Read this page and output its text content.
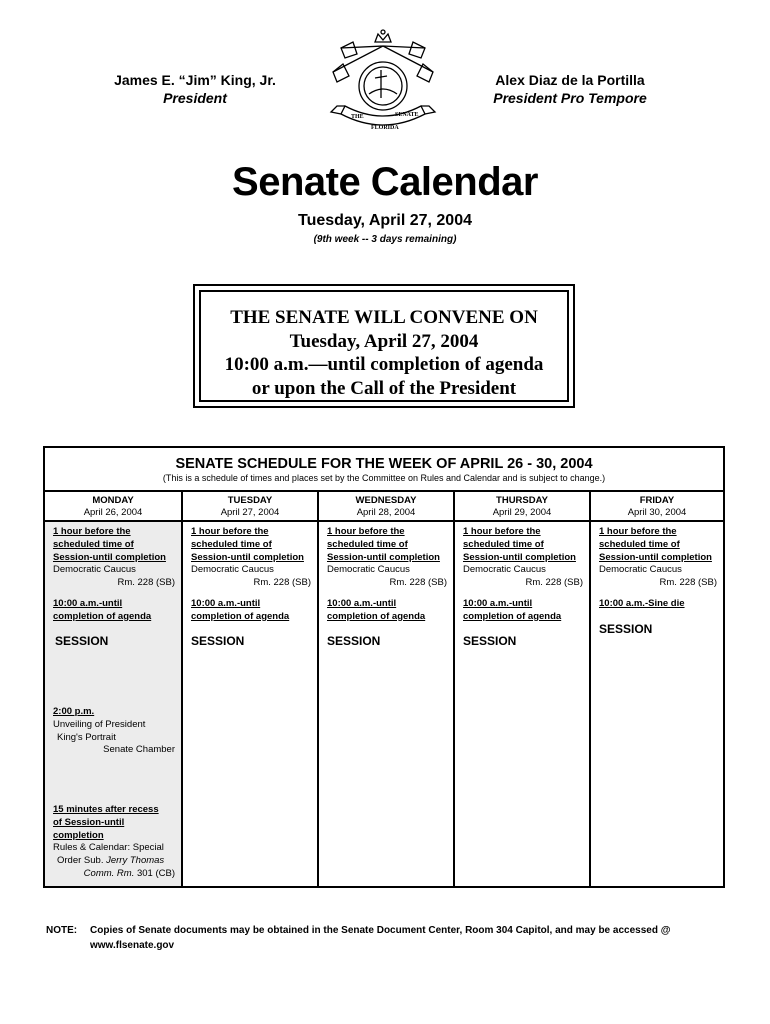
James E. “Jim” King, Jr.
President
Alex Diaz de la Portilla
President Pro Tempore
THE	SENATE
FLORIDA
Senate Calendar
Tuesday, April 27, 2004
(9th week -- 3 days remaining)
THE SENATE WILL CONVENE ON
Tuesday, April 27, 2004
10:00 a.m.—until completion of agenda
or upon the Call of the President
SENATE SCHEDULE FOR THE WEEK OF APRIL 26 - 30, 2004
(This is a schedule of times and places set by the Committee on Rules and Calendar and is subject to change.)
MONDAY
April 26, 2004
1 hour before the
scheduled time of
Session-until completion
Democratic Caucus
Rm. 228 (SB)
10:00 a.m.-until
completion of agenda
SESSION
2:00 p.m.
Unveiling of President
King's Portrait
Senate Chamber
15 minutes after recess
of Session-until
completion
Rules & Calendar: Special
Order Sub. Jerry Thomas
Comm. Rm. 301 (CB)
TUESDAY
April 27, 2004
1 hour before the
scheduled time of
Session-until completion
Democratic Caucus
Rm. 228 (SB)
10:00 a.m.-until
completion of agenda
SESSION
WEDNESDAY
April 28, 2004
1 hour before the
scheduled time of
Session-until completion
Democratic Caucus
Rm. 228 (SB)
10:00 a.m.-until
completion of agenda
SESSION
THURSDAY
April 29, 2004
1 hour before the
scheduled time of
Session-until completion
Democratic Caucus
Rm. 228 (SB)
10:00 a.m.-until
completion of agenda
SESSION
FRIDAY
April 30, 2004
1 hour before the
scheduled time of
Session-until completion
Democratic Caucus
Rm. 228 (SB)
10:00 a.m.-Sine die
SESSION
NOTE: Copies of Senate documents may be obtained in the Senate Document Center, Room 304 Capitol, and may be accessed @ www.flsenate.gov
